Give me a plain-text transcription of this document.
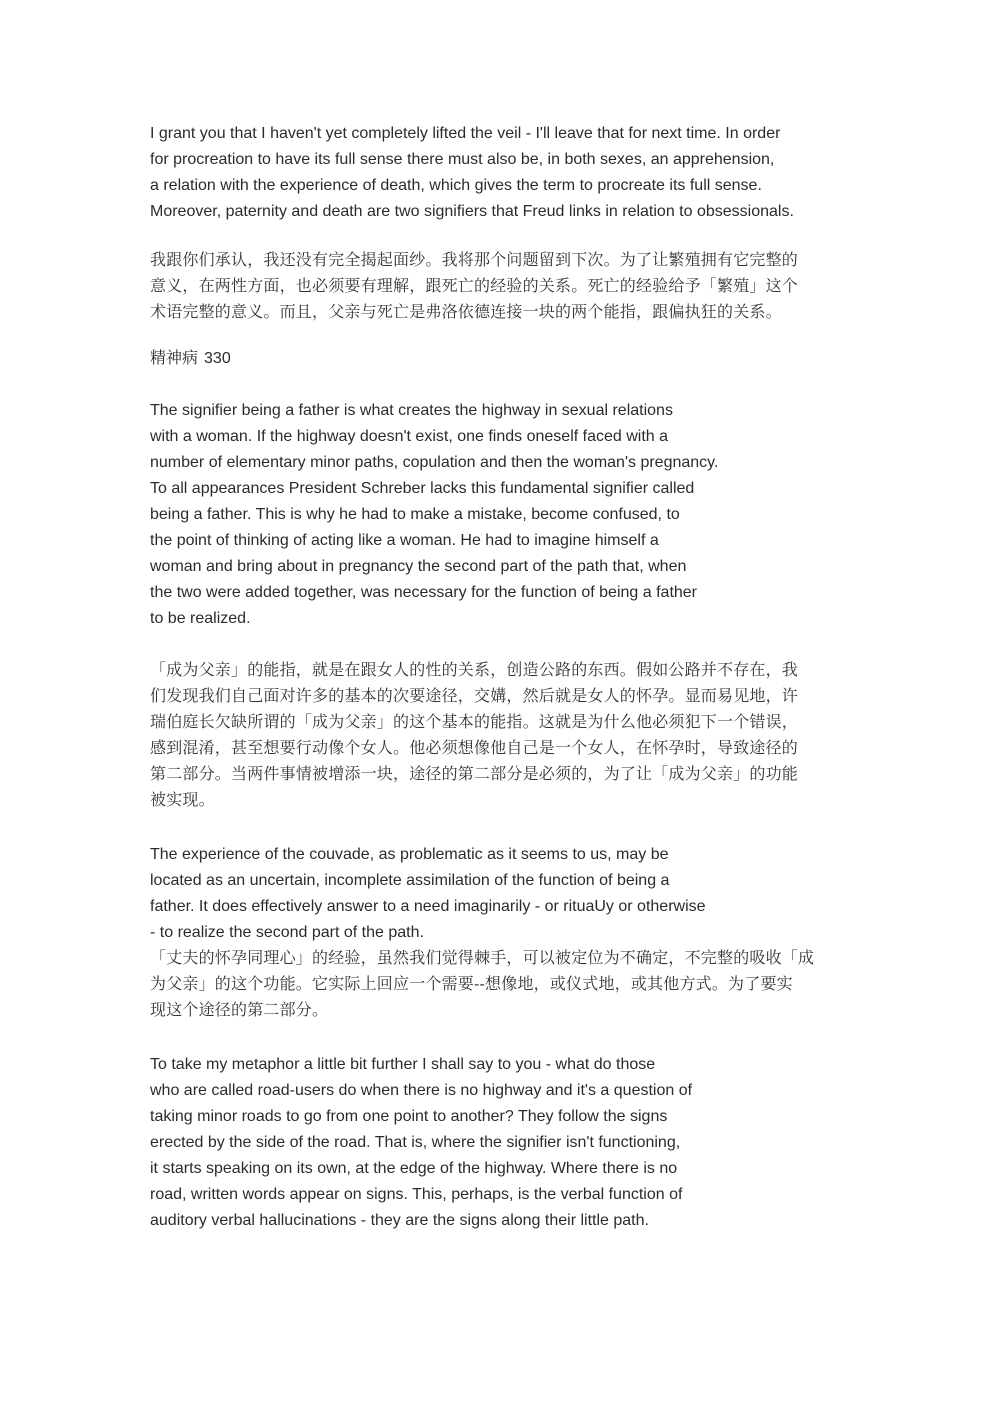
I grant you that I haven't yet completely lifted the veil - I'll leave that for next time. In order
for procreation to have its full sense there must also be, in both sexes, an apprehension,
a relation with the experience of death, which gives the term to procreate its full sense.
Moreover, paternity and death are two signifiers that Freud links in relation to obsessionals.

我跟你们承认，我还没有完全揭起面纱。我将那个问题留到下次。为了让繁殖拥有它完整的
意义，在两性方面，也必须要有理解，跟死亡的经验的关系。死亡的经验给予「繁殖」这个
术语完整的意义。而且，父亲与死亡是弗洛依德连接一块的两个能指，跟偏执狂的关系。

精神病 330

The signifier being a father is what creates the highway in sexual relations
with a woman. If the highway doesn't exist, one finds oneself faced with a
number of elementary minor paths, copulation and then the woman's pregnancy.
To all appearances President Schreber lacks this fundamental signifier called
being a father. This is why he had to make a mistake, become confused, to
the point of thinking of acting like a woman. He had to imagine himself a
woman and bring about in pregnancy the second part of the path that, when
the two were added together, was necessary for the function of being a father
to be realized.

「成为父亲」的能指，就是在跟女人的性的关系，创造公路的东西。假如公路并不存在，我
们发现我们自己面对许多的基本的次要途径，交媾，然后就是女人的怀孕。显而易见地，许
瑞伯庭长欠缺所谓的「成为父亲」的这个基本的能指。这就是为什么他必须犯下一个错误，
感到混淆，甚至想要行动像个女人。他必须想像他自己是一个女人，在怀孕时，导致途径的
第二部分。当两件事情被增添一块，途径的第二部分是必须的，为了让「成为父亲」的功能
被实现。

The experience of the couvade, as problematic as it seems to us, may be
located as an uncertain, incomplete assimilation of the function of being a
father. It does effectively answer to a need imaginarily - or rituaUy or otherwise
- to realize the second part of the path.

「丈夫的怀孕同理心」的经验，虽然我们觉得棘手，可以被定位为不确定，不完整的吸收「成
为父亲」的这个功能。它实际上回应一个需要--想像地，或仪式地，或其他方式。为了要实
现这个途径的第二部分。

To take my metaphor a little bit further I shall say to you - what do those
who are called road-users do when there is no highway and it's a question of
taking minor roads to go from one point to another? They follow the signs
erected by the side of the road. That is, where the signifier isn't functioning,
it starts speaking on its own, at the edge of the highway. Where there is no
road, written words appear on signs. This, perhaps, is the verbal function of
auditory verbal hallucinations - they are the signs along their little path.
